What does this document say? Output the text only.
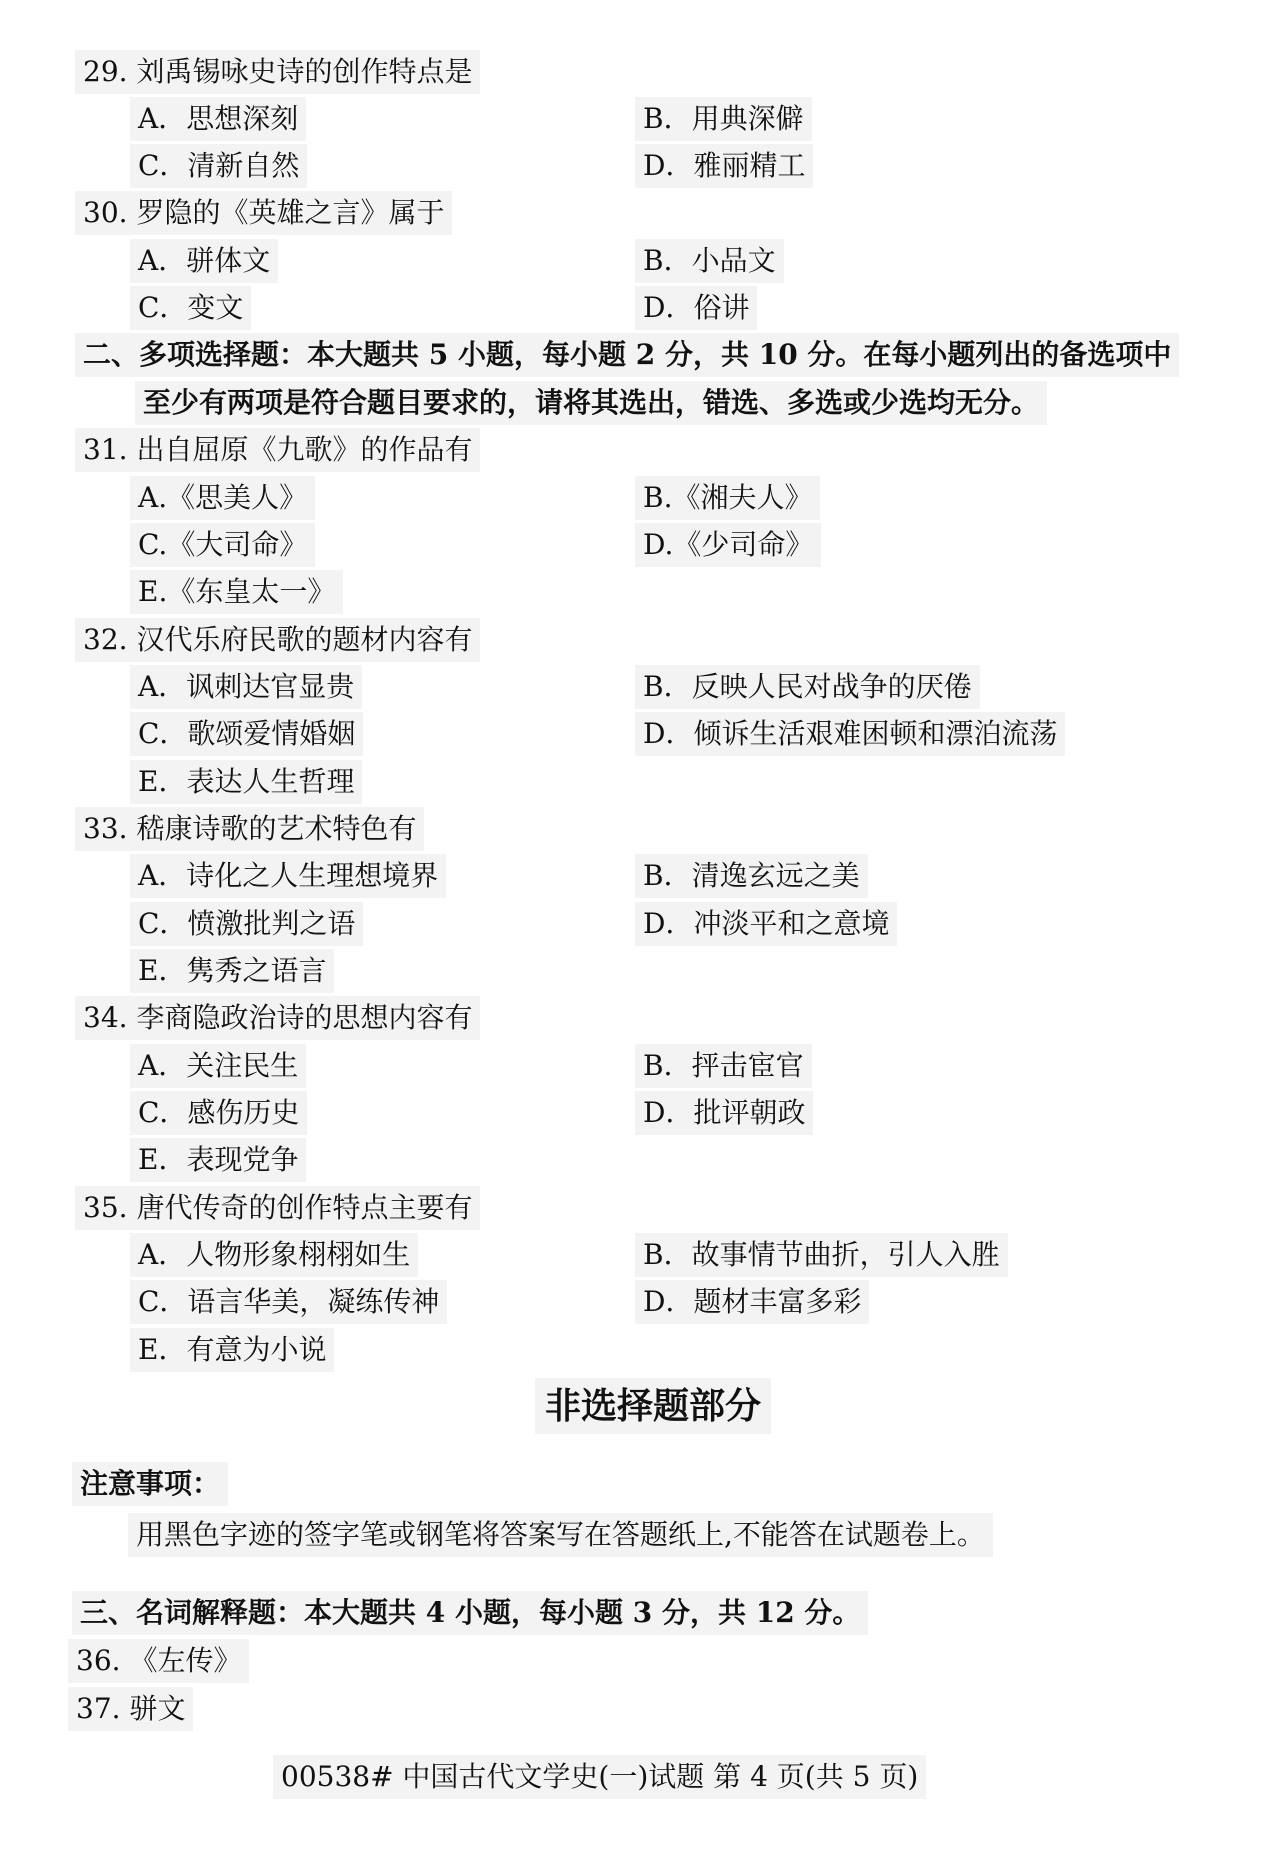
29. 刘禹锡咏史诗的创作特点是
A．思想深刻	B．用典深僻
C．清新自然	D．雅丽精工
30. 罗隐的《英雄之言》属于
A．骈体文	B．小品文
C．变文	D．俗讲
二、多项选择题：本大题共 5 小题，每小题 2 分，共 10 分。在每小题列出的备选项中
至少有两项是符合题目要求的，请将其选出，错选、多选或少选均无分。
31. 出自屈原《九歌》的作品有
A.《思美人》	B.《湘夫人》
C.《大司命》	D.《少司命》
E.《东皇太一》
32. 汉代乐府民歌的题材内容有
A．讽刺达官显贵	B．反映人民对战争的厌倦
C．歌颂爱情婚姻	D．倾诉生活艰难困顿和漂泊流荡
E．表达人生哲理
33. 嵇康诗歌的艺术特色有
A．诗化之人生理想境界	B．清逸玄远之美
C．愤激批判之语	D．冲淡平和之意境
E．隽秀之语言
34. 李商隐政治诗的思想内容有
A．关注民生	B．抨击宦官
C．感伤历史	D．批评朝政
E．表现党争
35. 唐代传奇的创作特点主要有
A．人物形象栩栩如生	B．故事情节曲折，引人入胜
C．语言华美，凝练传神	D．题材丰富多彩
E．有意为小说
非选择题部分
注意事项：
用黑色字迹的签字笔或钢笔将答案写在答题纸上,不能答在试题卷上。
三、名词解释题：本大题共 4 小题，每小题 3 分，共 12 分。
36. 《左传》
37. 骈文
00538# 中国古代文学史(一)试题 第 4 页(共 5 页)
